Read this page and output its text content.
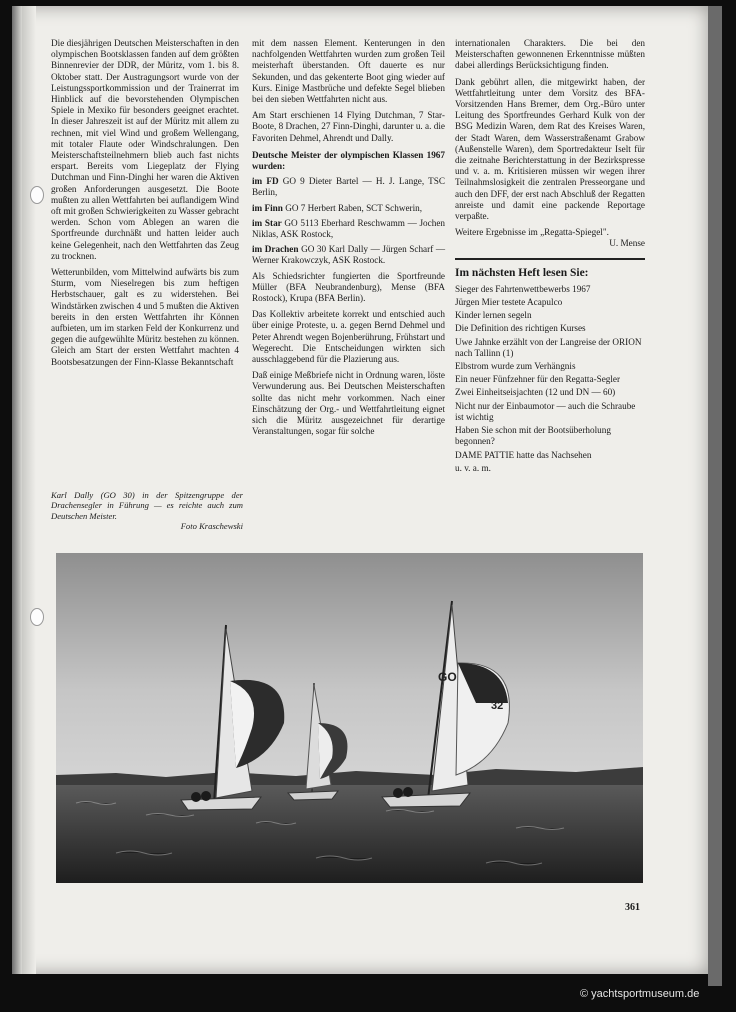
Die diesjährigen Deutschen Meisterschaften in den olympischen Bootsklassen fanden auf dem größten Binnenrevier der DDR, der Müritz, vom 1. bis 8. Oktober statt. Der Austragungsort wurde von der Leistungssportkommission und der Trainerrat im Hinblick auf die bevorstehenden Olympischen Spiele in Mexiko für besonders geeignet erachtet. In dieser Jahreszeit ist auf der Müritz mit allem zu rechnen, mit viel Wind und großem Wellengang, mit totaler Flaute oder Windschralungen. Den Meisterschaftsteilnehmern blieb auch fast nichts erspart. Bereits vom Liegeplatz der Flying Dutchman und Finn-Dinghi her waren die Aktiven großen Anforderungen ausgesetzt. Die Boote mußten zu allen Wettfahrten bei auflandigem Wind oft mit großen Schwierigkeiten zu Wasser gebracht werden. Schon vom Ablegen an waren die Sportfreunde durchnäßt und hatten leider auch keine Gelegenheit, nach den Wettfahrten das Zeug zu trocknen.

Wetterunbilden, vom Mittelwind aufwärts bis zum Sturm, vom Nieselregen bis zum heftigen Herbstschauer, galt es zu widerstehen. Bei Windstärken zwischen 4 und 5 mußten die Aktiven bereits in den ersten Wettfahrten ihr Können aufbieten, um im starken Feld der Konkurrenz und gegen die aufgewühlte Müritz bestehen zu können. Gleich am Start der ersten Wettfahrt machten 4 Bootsbesatzungen der Finn-Klasse Bekanntschaft

Karl Dally (GO 30) in der Spitzengruppe der Drachensegler in Führung — es reichte auch zum Deutschen Meister.
Foto Kraschewski

mit dem nassen Element. Kenterungen in den nachfolgenden Wettfahrten wurden zum großen Teil meisterhaft überstanden. Oft dauerte es nur Sekunden, und das gekenterte Boot ging wieder auf Kurs. Einige Mastbrüche und defekte Segel blieben bei den sieben Wettfahrten nicht aus.

Am Start erschienen 14 Flying Dutchman, 7 Star-Boote, 8 Drachen, 27 Finn-Dinghi, darunter u. a. die Favoriten Dehmel, Ahrendt und Dally.

Deutsche Meister der olympischen Klassen 1967 wurden:
im FD GO 9 Dieter Bartel — H. J. Lange, TSC Berlin,
im Finn GO 7 Herbert Raben, SCT Schwerin,
im Star GO 5113 Eberhard Reschwamm — Jochen Niklas, ASK Rostock,
im Drachen GO 30 Karl Dally — Jürgen Scharf — Werner Krakowczyk, ASK Rostock.

Als Schiedsrichter fungierten die Sportfreunde Müller (BFA Neubrandenburg), Mense (BFA Rostock), Krupa (BFA Berlin).

Das Kollektiv arbeitete korrekt und entschied auch über einige Proteste, u. a. gegen Bernd Dehmel und Peter Ahrendt wegen Bojenberührung, Frühstart und Wegerecht. Die Entscheidungen wirkten sich ausschlaggebend für die Plazierung aus.

Daß einige Meßbriefe nicht in Ordnung waren, löste Verwunderung aus. Bei Deutschen Meisterschaften sollte das nicht mehr vorkommen. Nach einer Einschätzung der Org.- und Wettfahrtleitung eignet sich die Müritz ausgezeichnet für derartige Veranstaltungen, sogar für solche

internationalen Charakters. Die bei den Meisterschaften gewonnenen Erkenntnisse müßten dabei allerdings Berücksichtigung finden.

Dank gebührt allen, die mitgewirkt haben, der Wettfahrtleitung unter dem Vorsitz des BFA-Vorsitzenden Hans Bremer, dem Org.-Büro unter Leitung des Sportfreundes Gerhard Kulk von der BSG Medizin Waren, dem Rat des Kreises Waren, der Stadt Waren, dem Wasserstraßenamt Grabow (Außenstelle Waren), dem Sportredakteur Iselt für die zeitnahe Berichterstattung in der Bezirkspresse und v. a. m. Kritisieren müssen wir wegen ihrer Teilnahmslosigkeit die zentralen Presseorgane und auch den DFF, der erst nach Abschluß der Regatten anreiste und damit eine packende Reportage verpaßte.

Weitere Ergebnisse im „Regatta-Spiegel".
U. Mense
Im nächsten Heft lesen Sie:
Sieger des Fahrtenwettbewerbs 1967
Jürgen Mier testete Acapulco
Kinder lernen segeln
Die Definition des richtigen Kurses
Uwe Jahnke erzählt von der Langreise der ORION nach Tallinn (1)
Elbstrom wurde zum Verhängnis
Ein neuer Fünfzehner für den Regatta-Segler
Zwei Einheitseisjachten (12 und DN — 60)
Nicht nur der Einbaumotor — auch die Schraube ist wichtig
Haben Sie schon mit der Bootsüberholung begonnen?
DAME PATTIE hatte das Nachsehen
u. v. a. m.
GO
32
361
© yachtsportmuseum.de
